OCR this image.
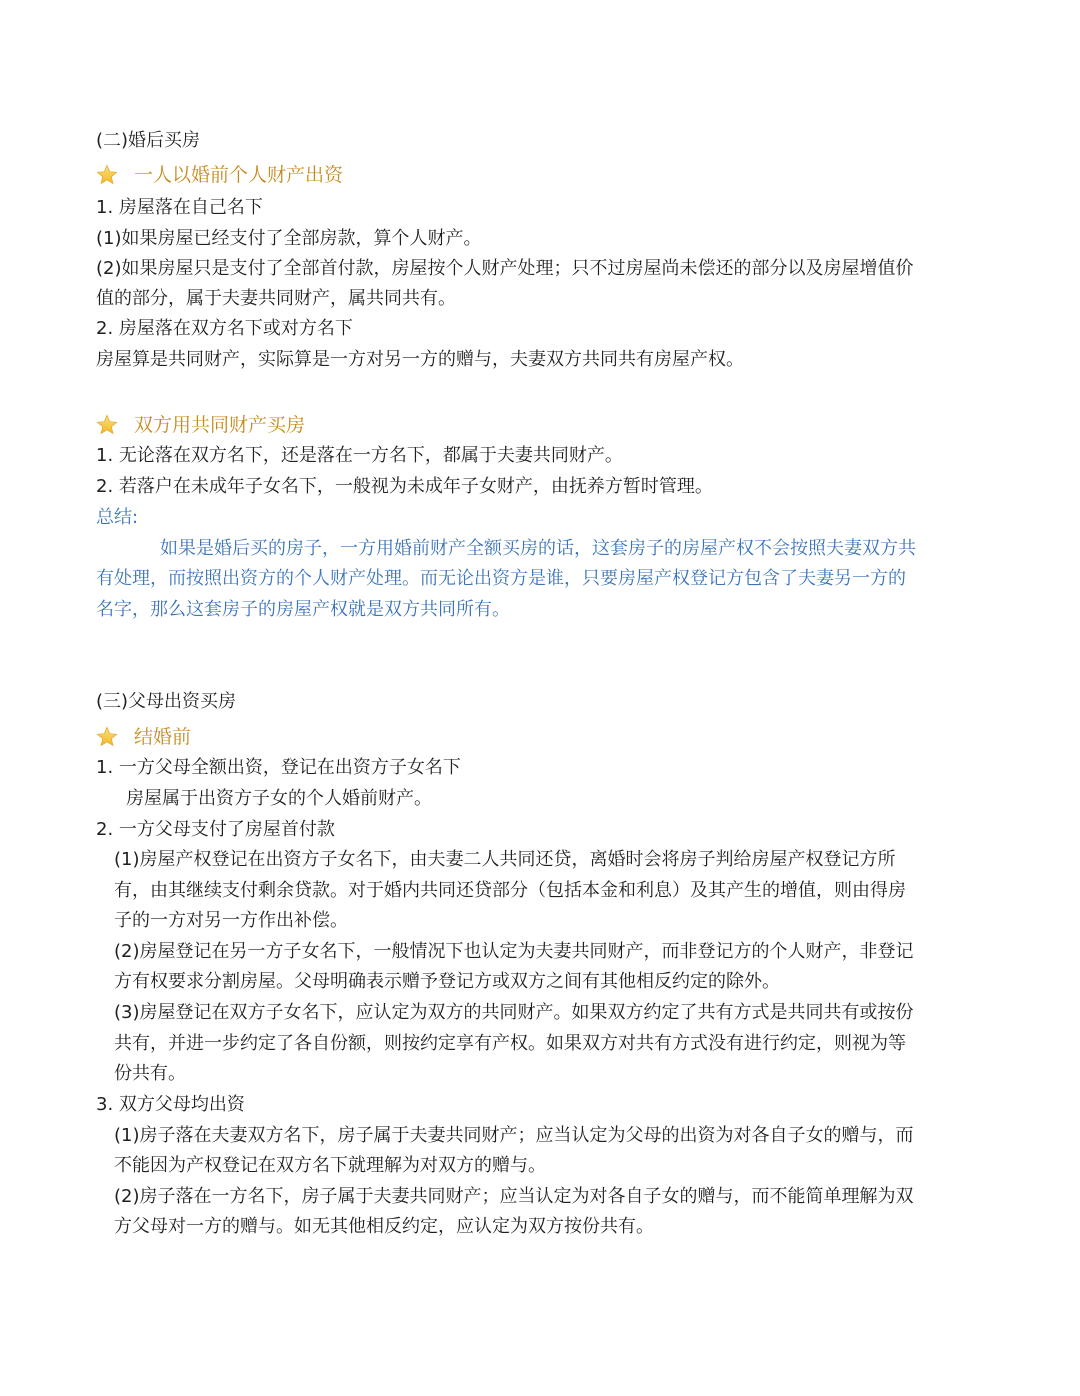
(二)婚后买房
一人以婚前个人财产出资
1. 房屋落在自己名下
(1)如果房屋已经支付了全部房款，算个人财产。
(2)如果房屋只是支付了全部首付款，房屋按个人财产处理；只不过房屋尚未偿还的部分以及房屋增值价
值的部分，属于夫妻共同财产，属共同共有。
2. 房屋落在双方名下或对方名下
房屋算是共同财产，实际算是一方对另一方的赠与，夫妻双方共同共有房屋产权。
双方用共同财产买房
1. 无论落在双方名下，还是落在一方名下，都属于夫妻共同财产。
2. 若落户在未成年子女名下，一般视为未成年子女财产，由抚养方暂时管理。
总结:
如果是婚后买的房子，一方用婚前财产全额买房的话，这套房子的房屋产权不会按照夫妻双方共
有处理，而按照出资方的个人财产处理。而无论出资方是谁，只要房屋产权登记方包含了夫妻另一方的
名字，那么这套房子的房屋产权就是双方共同所有。
(三)父母出资买房
结婚前
1. 一方父母全额出资，登记在出资方子女名下
房屋属于出资方子女的个人婚前财产。
2. 一方父母支付了房屋首付款
(1)房屋产权登记在出资方子女名下，由夫妻二人共同还贷，离婚时会将房子判给房屋产权登记方所
有，由其继续支付剩余贷款。对于婚内共同还贷部分（包括本金和利息）及其产生的增值，则由得房
子的一方对另一方作出补偿。
(2)房屋登记在另一方子女名下，一般情况下也认定为夫妻共同财产，而非登记方的个人财产，非登记
方有权要求分割房屋。父母明确表示赠予登记方或双方之间有其他相反约定的除外。
(3)房屋登记在双方子女名下，应认定为双方的共同财产。如果双方约定了共有方式是共同共有或按份
共有，并进一步约定了各自份额，则按约定享有产权。如果双方对共有方式没有进行约定，则视为等
份共有。
3. 双方父母均出资
(1)房子落在夫妻双方名下，房子属于夫妻共同财产；应当认定为父母的出资为对各自子女的赠与，而
不能因为产权登记在双方名下就理解为对双方的赠与。
(2)房子落在一方名下，房子属于夫妻共同财产；应当认定为对各自子女的赠与，而不能简单理解为双
方父母对一方的赠与。如无其他相反约定，应认定为双方按份共有。
